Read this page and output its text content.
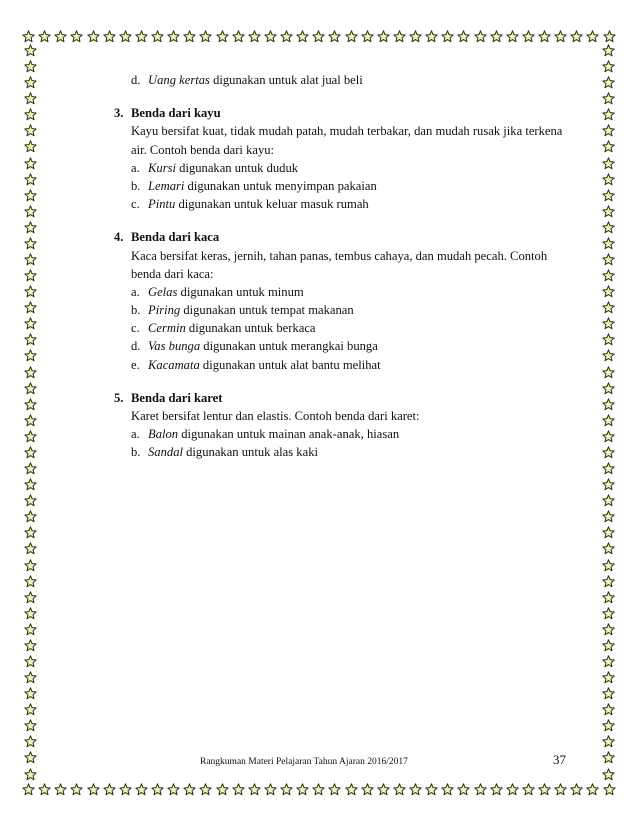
d. Uang kertas digunakan untuk alat jual beli
3. Benda dari kayu
Kayu bersifat kuat, tidak mudah patah, mudah terbakar, dan mudah rusak jika terkena
air. Contoh benda dari kayu:
a. Kursi digunakan untuk duduk
b. Lemari digunakan untuk menyimpan pakaian
c. Pintu digunakan untuk keluar masuk rumah
4. Benda dari kaca
Kaca bersifat keras, jernih, tahan panas, tembus cahaya, dan mudah pecah. Contoh
benda dari kaca:
a. Gelas digunakan untuk minum
b. Piring digunakan untuk tempat makanan
c. Cermin digunakan untuk berkaca
d. Vas bunga digunakan untuk merangkai bunga
e. Kacamata digunakan untuk alat bantu melihat
5. Benda dari karet
Karet bersifat lentur dan elastis. Contoh benda dari karet:
a. Balon digunakan untuk mainan anak-anak, hiasan
b. Sandal digunakan untuk alas kaki
Rangkuman Materi Pelajaran Tahun Ajaran 2016/2017	37
